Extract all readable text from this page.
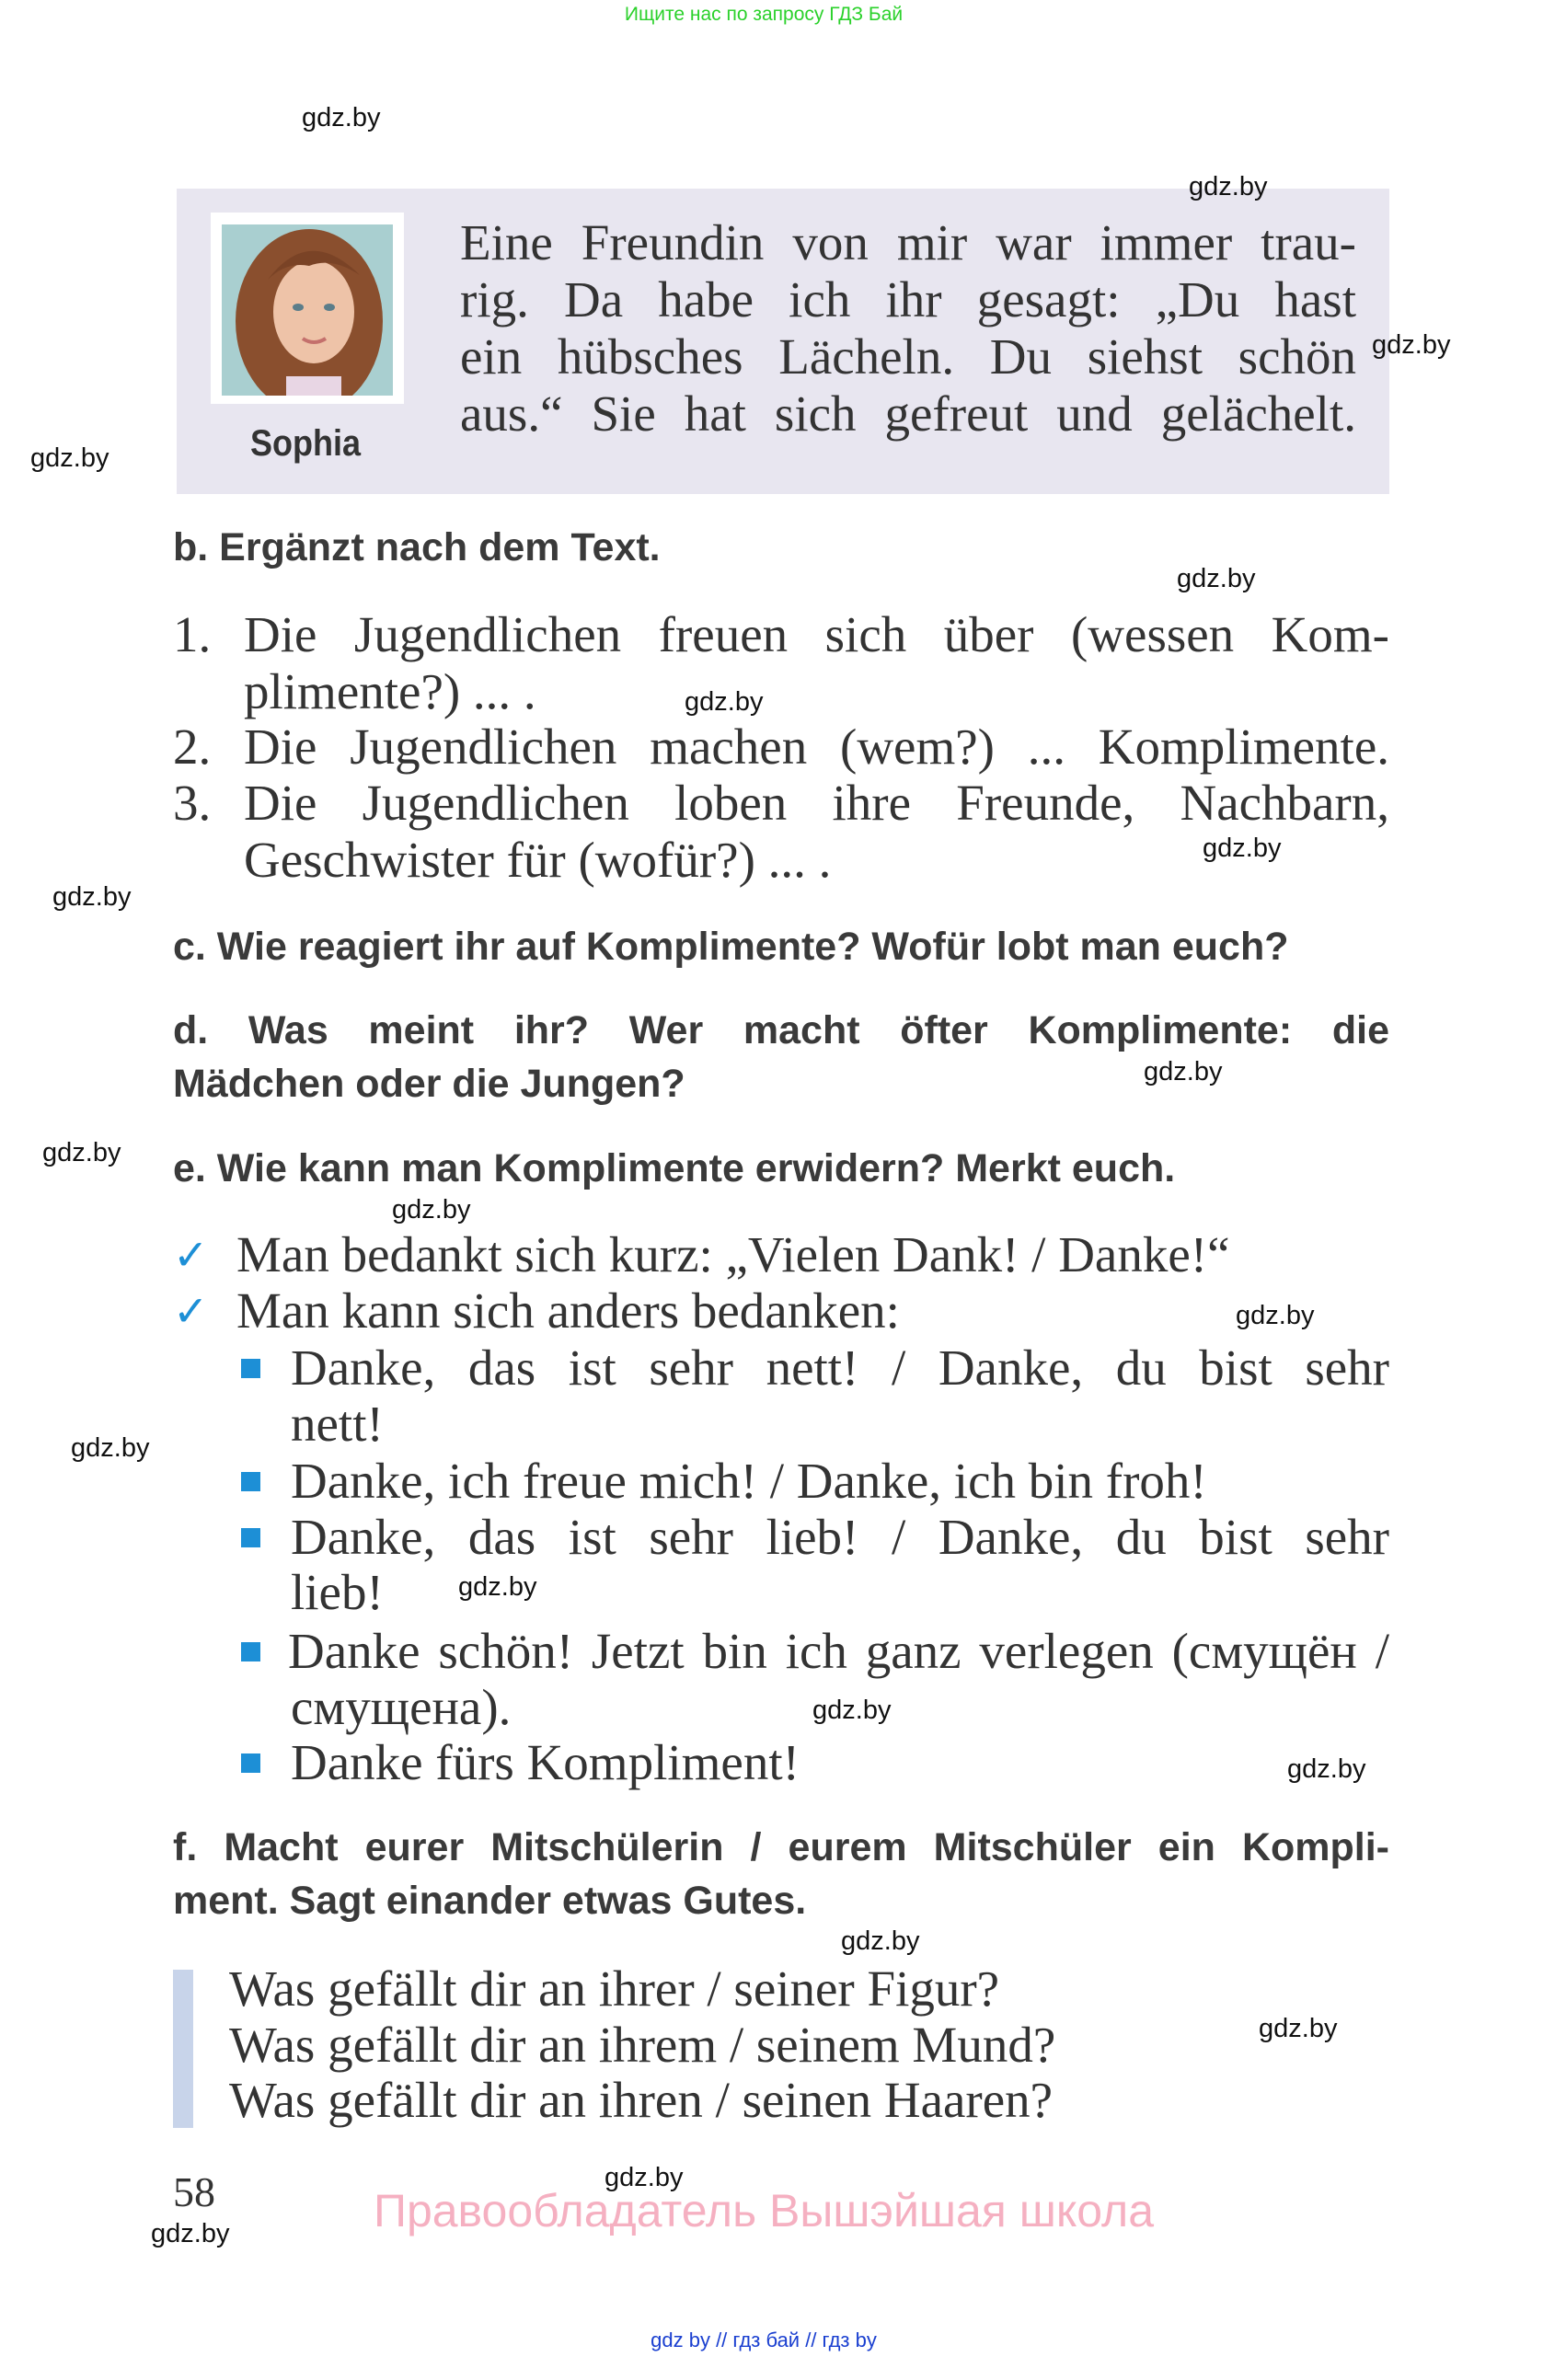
Ищите нас по запросу ГДЗ Бай
Sophia
Eine Freundin von mir war immer trau-
rig. Da habe ich ihr gesagt: „Du hast
ein hübsches Lächeln. Du siehst schön
aus.“ Sie hat sich gefreut und gelächelt.
b. Ergänzt nach dem Text.
1. Die Jugendlichen freuen sich über (wessen Kom-
plimente?) ... .
2. Die Jugendlichen machen (wem?) ... Komplimente.
3. Die Jugendlichen loben ihre Freunde, Nachbarn,
Geschwister für (wofür?) ... .
c. Wie reagiert ihr auf Komplimente? Wofür lobt man euch?
d. Was meint ihr? Wer macht öfter Komplimente: die
Mädchen oder die Jungen?
e. Wie kann man Komplimente erwidern? Merkt euch.
✓ Man bedankt sich kurz: „Vielen Dank! / Danke!“
✓ Man kann sich anders bedanken:
Danke, das ist sehr nett! / Danke, du bist sehr
nett!
Danke, ich freue mich! / Danke, ich bin froh!
Danke, das ist sehr lieb! / Danke, du bist sehr
lieb!
Danke schön! Jetzt bin ich ganz verlegen (смущён /
смущена).
Danke fürs Kompliment!
f. Macht eurer Mitschülerin / eurem Mitschüler ein Kompli-
ment. Sagt einander etwas Gutes.
Was gefällt dir an ihrer / seiner Figur?
Was gefällt dir an ihrem / seinem Mund?
Was gefällt dir an ihren / seinen Haaren?
58	Правообладатель Вышэйшая школа
gdz by // гдз бай // гдз by
gdz.by
gdz.by
gdz.by
gdz.by
gdz.by
gdz.by
gdz.by
gdz.by
gdz.by
gdz.by
gdz.by
gdz.by
gdz.by
gdz.by
gdz.by
gdz.by
gdz.by
gdz.by
gdz.by
gdz.by
